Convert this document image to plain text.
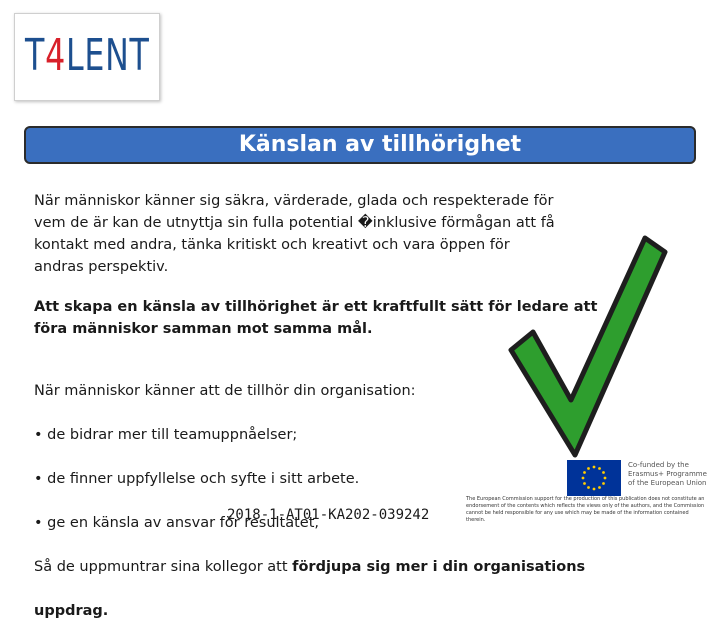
T4LENT
Känslan av tillhörighet

När människor känner sig säkra, värderade, glada och respekterade för
vem de är kan de utnyttja sin fulla potential �inklusive förmågan att få
kontakt med andra, tänka kritiskt och kreativt och vara öppen för
andras perspektiv.

Att skapa en känsla av tillhörighet är ett kraftfullt sätt för ledare att
föra människor samman mot samma mål.

När människor känner att de tillhör din organisation:

• de bidrar mer till teamuppnåelser;

• de finner uppfyllelse och syfte i sitt arbete.

• ge en känsla av ansvar för resultatet,

Så de uppmuntrar sina kollegor att fördjupa sig mer i din organisations

uppdrag.

2018-1-AT01-KA202-039242
Co-funded by the
Erasmus+ Programme
of the European Union
The European Commission support for the production of this publication does not constitute an endorsement of the contents which reflects the views only of the authors, and the Commission cannot be held responsible for any use which may be made of the information contained therein.
